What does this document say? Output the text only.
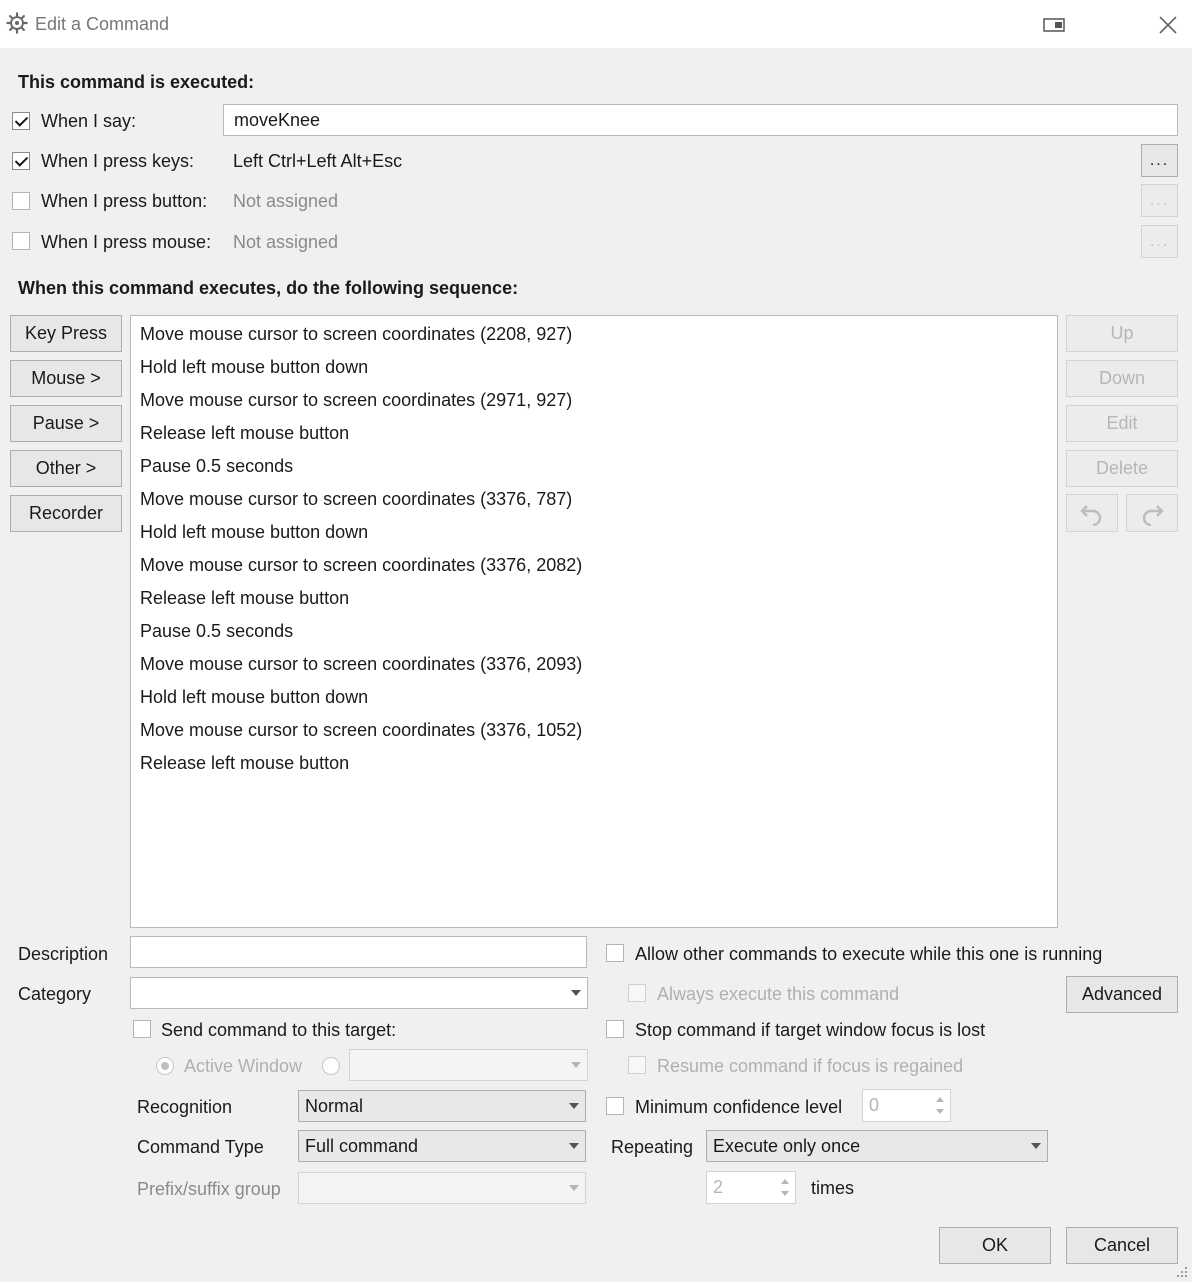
Edit a Command
This command is executed:
When I say:	moveKnee
When I press keys: Left Ctrl+Left Alt+Esc	...
When I press button: Not assigned	...
When I press mouse: Not assigned	...
When this command executes, do the following sequence:
Key Press
Mouse >
Pause >
Other >
Recorder
Move mouse cursor to screen coordinates (2208, 927)
Hold left mouse button down
Move mouse cursor to screen coordinates (2971, 927)
Release left mouse button
Pause 0.5 seconds
Move mouse cursor to screen coordinates (3376, 787)
Hold left mouse button down
Move mouse cursor to screen coordinates (3376, 2082)
Release left mouse button
Pause 0.5 seconds
Move mouse cursor to screen coordinates (3376, 2093)
Hold left mouse button down
Move mouse cursor to screen coordinates (3376, 1052)
Release left mouse button
Up
Down
Edit
Delete
Description
Category
Send command to this target:
Active Window
Recognition	Normal
Command Type Full command
Prefix/suffix group
Allow other commands to execute while this one is running
Always execute this command	Advanced
Stop command if target window focus is lost
Resume command if focus is regained
Minimum confidence level 0
Repeating Execute only once
2	times
OK	Cancel
